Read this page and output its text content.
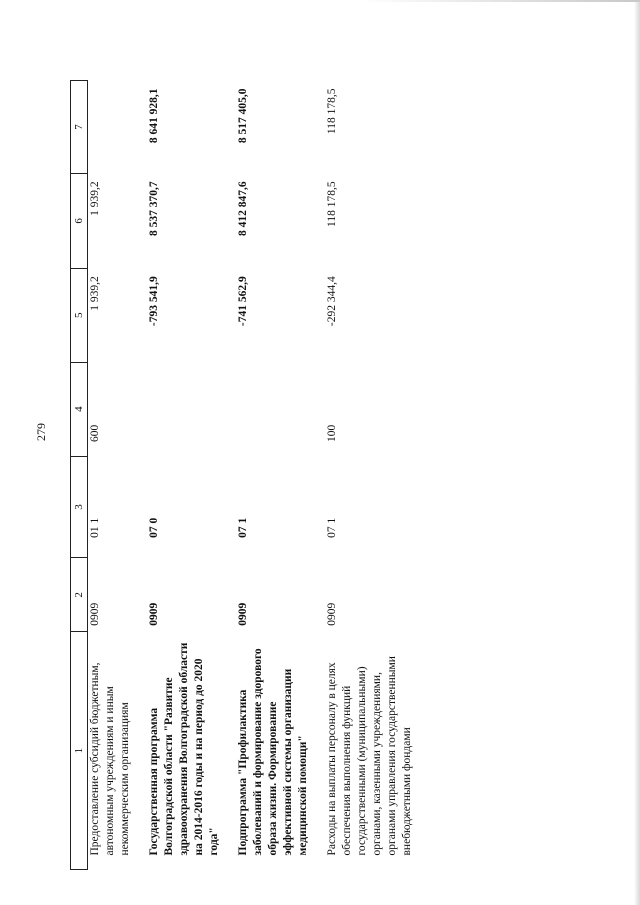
279
1	2	3	4	5	6	7
Предоставление субсидий бюджетным, автономным учреждениям и иным некоммерческим организациям	0909	01 1	600	1 939,2	1 939,2	

Государственная программа Волгоградской области "Развитие здравоохранения Волгоградской области на 2014-2016 годы и на период до 2020 года"	0909	07 0		-793 541,9	8 537 370,7	8 641 928,1

Подпрограмма "Профилактика заболеваний и формирование здорового образа жизни. Формирование эффективной системы организации медицинской помощи"	0909	07 1		-741 562,9	8 412 847,6	8 517 405,0

Расходы на выплаты персоналу в целях обеспечения выполнения функций государственными (муниципальными) органами, казенными учреждениями, органами управления государственными внебюджетными фондами	0909	07 1	100	-292 344,4	118 178,5	118 178,5
